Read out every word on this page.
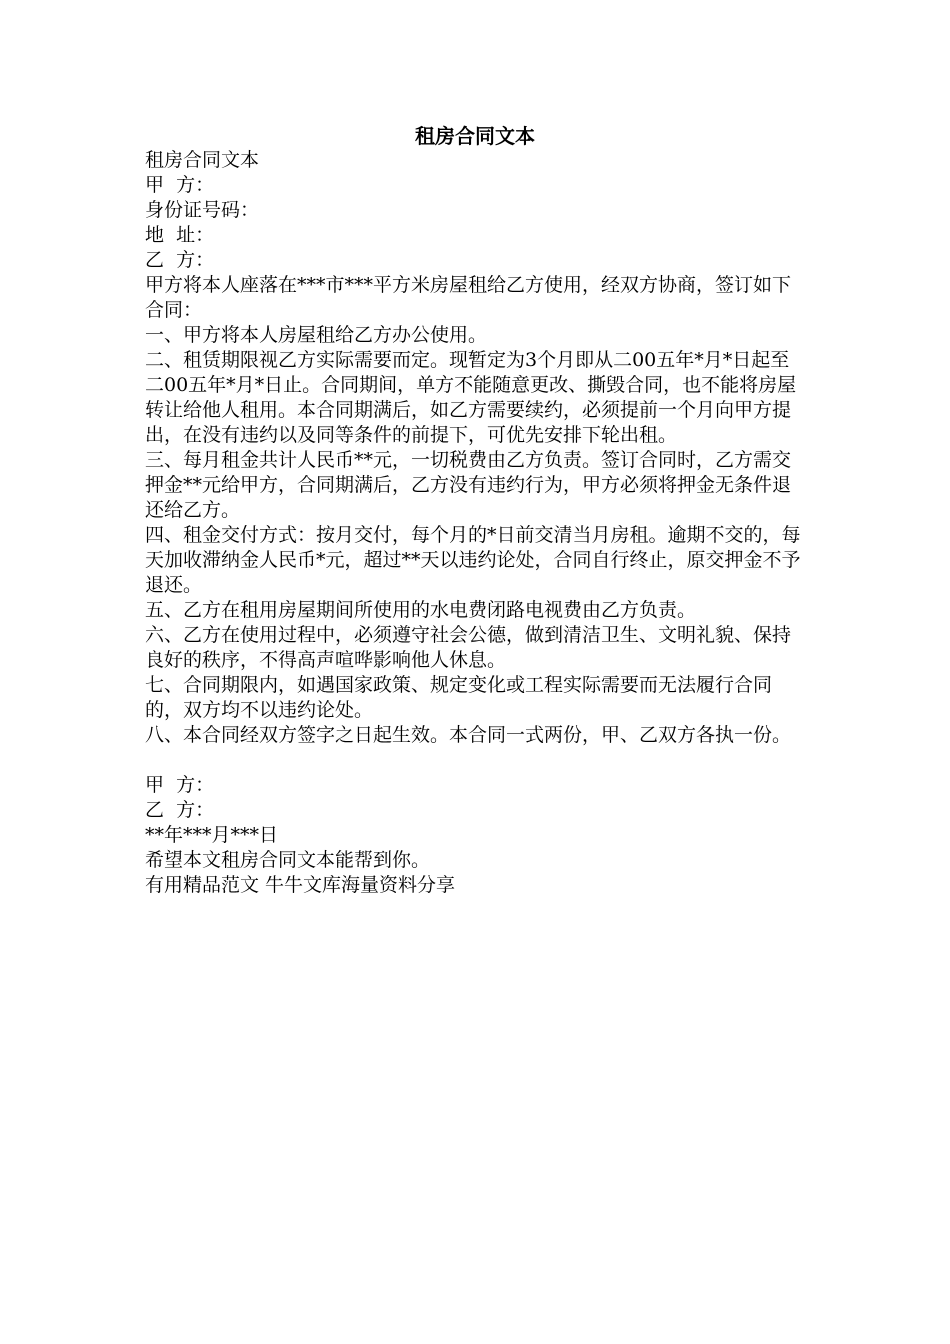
租房合同文本

租房合同文本

甲  方：

身份证号码：

地  址：

乙  方：

甲方将本人座落在***市***平方米房屋租给乙方使用，经双方协商，签订如下合同：

一、甲方将本人房屋租给乙方办公使用。

二、租赁期限视乙方实际需要而定。现暂定为3个月即从二00五年*月*日起至二00五年*月*日止。合同期间，单方不能随意更改、撕毁合同，也不能将房屋转让给他人租用。本合同期满后，如乙方需要续约，必须提前一个月向甲方提出，在没有违约以及同等条件的前提下，可优先安排下轮出租。

三、每月租金共计人民币**元，一切税费由乙方负责。签订合同时，乙方需交押金**元给甲方，合同期满后，乙方没有违约行为，甲方必须将押金无条件退还给乙方。

四、租金交付方式：按月交付，每个月的*日前交清当月房租。逾期不交的，每天加收滞纳金人民币*元，超过**天以违约论处，合同自行终止，原交押金不予退还。

五、乙方在租用房屋期间所使用的水电费闭路电视费由乙方负责。

六、乙方在使用过程中，必须遵守社会公德，做到清洁卫生、文明礼貌、保持良好的秩序，不得高声喧哗影响他人休息。

七、合同期限内，如遇国家政策、规定变化或工程实际需要而无法履行合同的，双方均不以违约论处。

八、本合同经双方签字之日起生效。本合同一式两份，甲、乙双方各执一份。

甲  方：

乙  方：

**年***月***日

希望本文租房合同文本能帮到你。

有用精品范文 牛牛文库海量资料分享
